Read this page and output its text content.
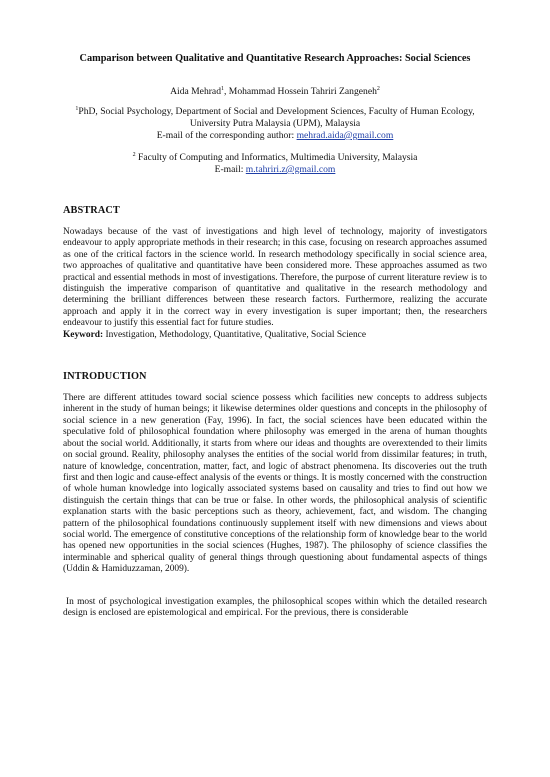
Camparison between Qualitative and Quantitative Research Approaches: Social Sciences

Aida Mehrad$^1$, Mohammad Hossein Tahriri Zangeneh$^2$

$^1$PhD, Social Psychology, Department of Social and Development Sciences, Faculty of Human Ecology,

University Putra Malaysia (UPM), Malaysia

E-mail of the corresponding author: mehrad.aida@gmail.com

$^2$ Faculty of Computing and Informatics, Multimedia University, Malaysia

E-mail: m.tahriri.z@gmail.com

ABSTRACT

Nowadays because of the vast of investigations and high level of technology, majority of investigators endeavour to apply appropriate methods in their research; in this case, focusing on research approaches assumed as one of the critical factors in the science world. In research methodology specifically in social science area, two approaches of qualitative and quantitative have been considered more. These approaches assumed as two practical and essential methods in most of investigations. Therefore, the purpose of current literature review is to distinguish the imperative comparison of quantitative and qualitative in the research methodology and determining the brilliant differences between these research factors. Furthermore, realizing the accurate approach and apply it in the correct way in every investigation is super important; then, the researchers endeavour to justify this essential fact for future studies.

Keyword: Investigation, Methodology, Quantitative, Qualitative, Social Science

INTRODUCTION

There are different attitudes toward social science possess which facilities new concepts to address subjects inherent in the study of human beings; it likewise determines older questions and concepts in the philosophy of social science in a new generation (Fay, 1996). In fact, the social sciences have been educated within the speculative fold of philosophical foundation where philosophy was emerged in the arena of human thoughts about the social world. Additionally, it starts from where our ideas and thoughts are overextended to their limits on social ground. Reality, philosophy analyses the entities of the social world from dissimilar features; in truth, nature of knowledge, concentration, matter, fact, and logic of abstract phenomena. Its discoveries out the truth first and then logic and cause-effect analysis of the events or things. It is mostly concerned with the construction of whole human knowledge into logically associated systems based on causality and tries to find out how we distinguish the certain things that can be true or false. In other words, the philosophical analysis of scientific explanation starts with the basic perceptions such as theory, achievement, fact, and wisdom. The changing pattern of the philosophical foundations continuously supplement itself with new dimensions and views about social world. The emergence of constitutive conceptions of the relationship form of knowledge bear to the world has opened new opportunities in the social sciences (Hughes, 1987). The philosophy of science classifies the interminable and spherical quality of general things through questioning about fundamental aspects of things (Uddin & Hamiduzzaman, 2009).

In most of psychological investigation examples, the philosophical scopes within which the detailed research design is enclosed are epistemological and empirical. For the previous, there is considerable
